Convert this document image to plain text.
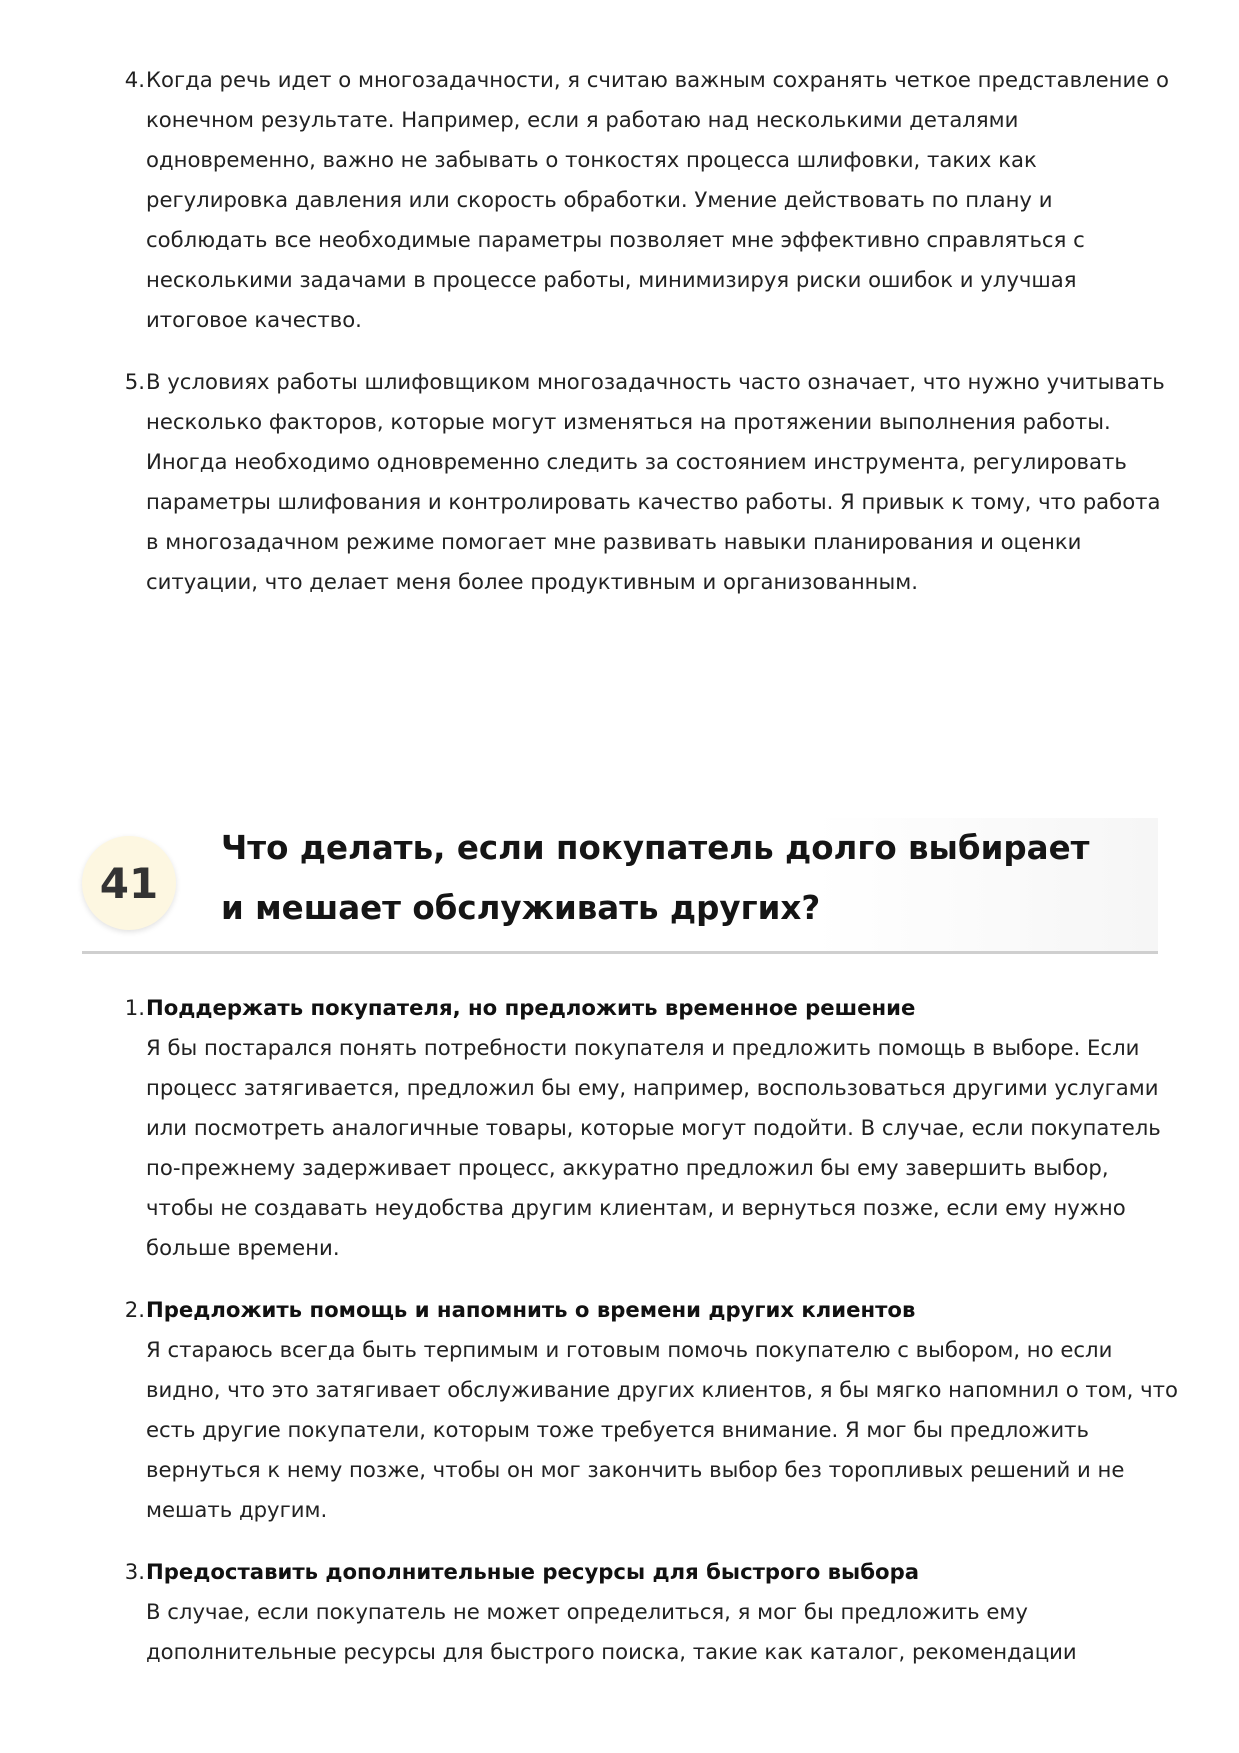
4. Когда речь идет о многозадачности, я считаю важным сохранять четкое представление о конечном результате. Например, если я работаю над несколькими деталями одновременно, важно не забывать о тонкостях процесса шлифовки, таких как регулировка давления или скорость обработки. Умение действовать по плану и соблюдать все необходимые параметры позволяет мне эффективно справляться с несколькими задачами в процессе работы, минимизируя риски ошибок и улучшая итоговое качество.
5. В условиях работы шлифовщиком многозадачность часто означает, что нужно учитывать несколько факторов, которые могут изменяться на протяжении выполнения работы. Иногда необходимо одновременно следить за состоянием инструмента, регулировать параметры шлифования и контролировать качество работы. Я привык к тому, что работа в многозадачном режиме помогает мне развивать навыки планирования и оценки ситуации, что делает меня более продуктивным и организованным.
41
Что делать, если покупатель долго выбирает и мешает обслуживать других?
1. Поддержать покупателя, но предложить временное решение
Я бы постарался понять потребности покупателя и предложить помощь в выборе. Если процесс затягивается, предложил бы ему, например, воспользоваться другими услугами или посмотреть аналогичные товары, которые могут подойти. В случае, если покупатель по-прежнему задерживает процесс, аккуратно предложил бы ему завершить выбор, чтобы не создавать неудобства другим клиентам, и вернуться позже, если ему нужно больше времени.
2. Предложить помощь и напомнить о времени других клиентов
Я стараюсь всегда быть терпимым и готовым помочь покупателю с выбором, но если видно, что это затягивает обслуживание других клиентов, я бы мягко напомнил о том, что есть другие покупатели, которым тоже требуется внимание. Я мог бы предложить вернуться к нему позже, чтобы он мог закончить выбор без торопливых решений и не мешать другим.
3. Предоставить дополнительные ресурсы для быстрого выбора
В случае, если покупатель не может определиться, я мог бы предложить ему дополнительные ресурсы для быстрого поиска, такие как каталог, рекомендации
